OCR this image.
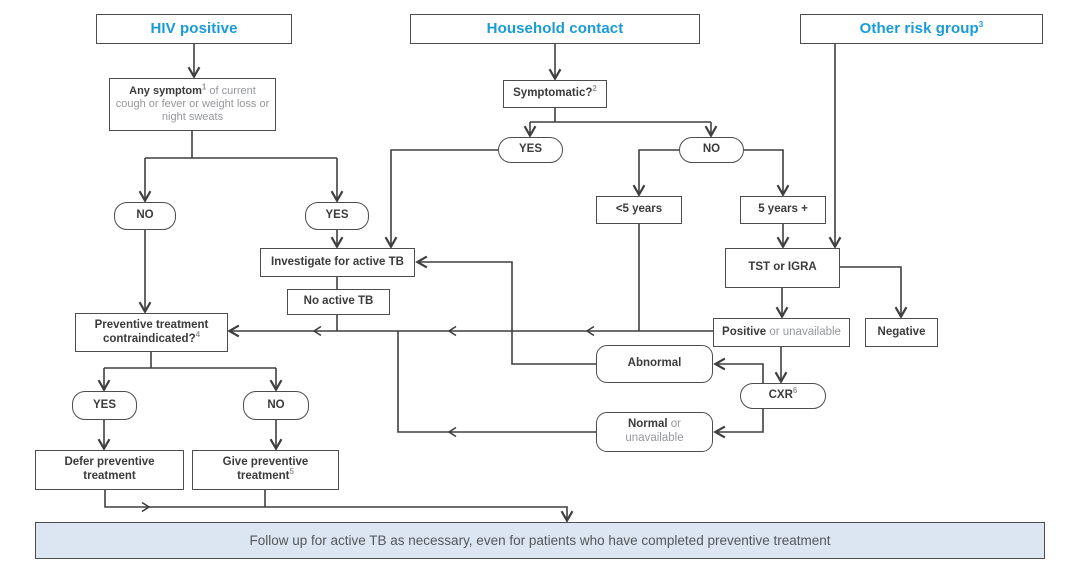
HIV positive	Household contact	Other risk group$^3$
Any symptom$^1$ of current cough or fever or weight loss or night sweats
NO	YES
Symptomatic?$^2$
YES	NO
<5 years	5 years +
TST or IGRA
Positive or unavailable	Negative
CXR$^6$
Abnormal
Normal or unavailable
Investigate for active TB
No active TB
Preventive treatment contraindicated?$^4$
YES	NO
Defer preventive treatment
Give preventive treatment$^5$
Follow up for active TB as necessary, even for patients who have completed preventive treatment
